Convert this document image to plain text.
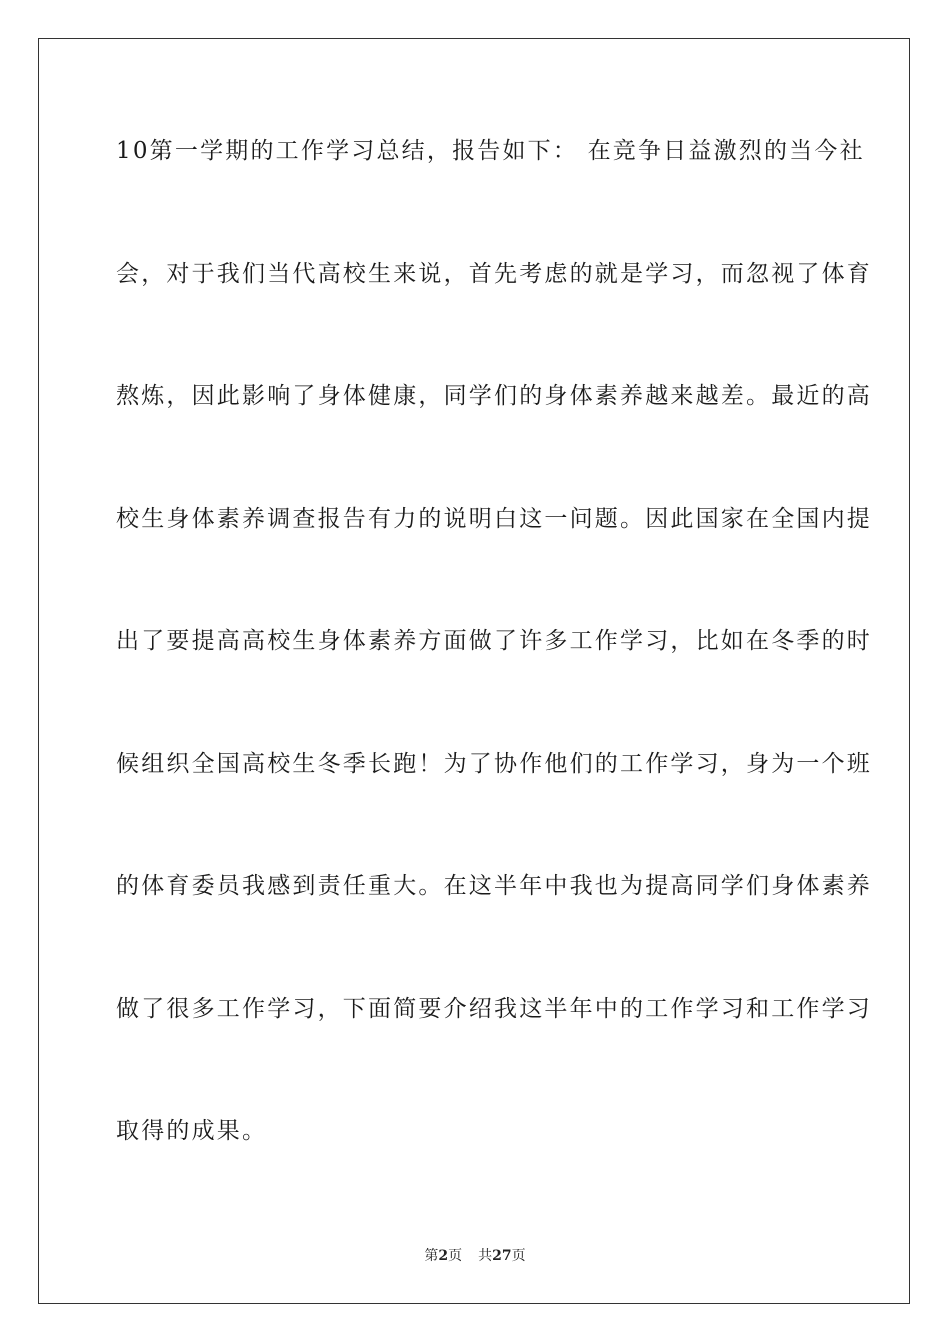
10第一学期的工作学习总结，报告如下： 在竞争日益激烈的当今社
会，对于我们当代高校生来说，首先考虑的就是学习，而忽视了体育
熬炼，因此影响了身体健康，同学们的身体素养越来越差。最近的高
校生身体素养调查报告有力的说明白这一问题。因此国家在全国内提
出了要提高高校生身体素养方面做了许多工作学习，比如在冬季的时
候组织全国高校生冬季长跑！为了协作他们的工作学习，身为一个班
的体育委员我感到责任重大。在这半年中我也为提高同学们身体素养
做了很多工作学习，下面简要介绍我这半年中的工作学习和工作学习
取得的成果。
第2页 共27页
